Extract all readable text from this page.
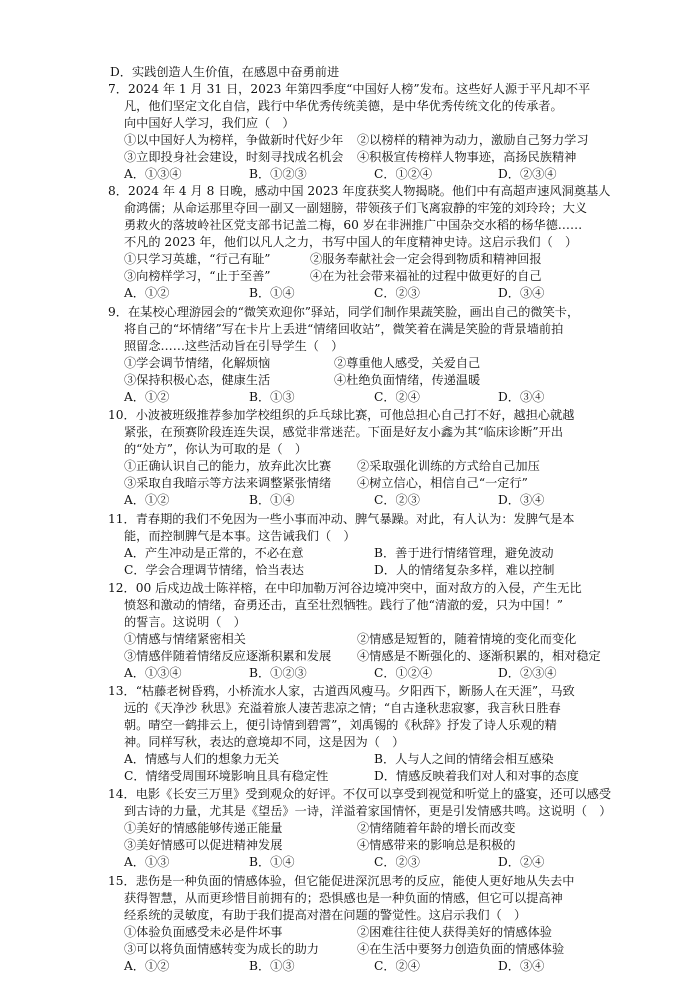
D．实践创造人生价值，在感恩中奋勇前进
7．2024 年 1 月 31 日，2023 年第四季度“中国好人榜”发布。这些好人源于平凡却不平
凡，他们坚定文化自信，践行中华优秀传统美德，是中华优秀传统文化的传承者。
向中国好人学习，我们应（　）
①以中国好人为榜样，争做新时代好少年 ②以榜样的精神为动力，激励自己努力学习
③立即投身社会建设，时刻寻找成名机会 ④积极宣传榜样人物事迹，高扬民族精神
A．①③④	B．①②③	C．①②④	D．②③④
8．2024 年 4 月 8 日晚，感动中国 2023 年度获奖人物揭晓。他们中有高超声速风洞奠基人
俞鸿儒；从命运那里夺回一副又一副翅膀，带领孩子们飞离寂静的牢笼的刘玲玲；大义
勇救火的落坡岭社区党支部书记盖二梅，60 岁在非洲推广中国杂交水稻的杨华德……
不凡的 2023 年，他们以凡人之力，书写中国人的年度精神史诗。这启示我们（　）
①只学习英雄，“行己有耻”	②服务奉献社会一定会得到物质和精神回报
③向榜样学习，“止于至善”	④在为社会带来福祉的过程中做更好的自己
A．①②	B．①④	C．②③	D．③④
9．在某校心理游园会的“微笑欢迎你”驿站，同学们制作果蔬笑脸，画出自己的微笑卡，
将自己的“坏情绪”写在卡片上丢进“情绪回收站”，微笑着在满是笑脸的背景墙前拍
照留念……这些活动旨在引导学生（　）
①学会调节情绪，化解烦恼	②尊重他人感受，关爱自己
③保持积极心态，健康生活	④杜绝负面情绪，传递温暖
A．①②	B．①③	C．②④	D．③④
10．小波被班级推荐参加学校组织的乒乓球比赛，可他总担心自己打不好，越担心就越
紧张，在预赛阶段连连失误，感觉非常迷茫。下面是好友小鑫为其“临床诊断”开出
的“处方”，你认为可取的是（　）
①正确认识自己的能力，放弃此次比赛 ②采取强化训练的方式给自己加压
③采取自我暗示等方法来调整紧张情绪 ④树立信心，相信自己“一定行”
A．①②	B．①④	C．②③	D．③④
11．青春期的我们不免因为一些小事而冲动、脾气暴躁。对此，有人认为：发脾气是本
能，而控制脾气是本事。这告诫我们（　）
A．产生冲动是正常的，不必在意	B．善于进行情绪管理，避免波动
C．学会合理调节情绪，恰当表达	D．人的情绪复杂多样，难以控制
12．00 后戍边战士陈祥榕，在中印加勒万河谷边境冲突中，面对敌方的入侵，产生无比
愤怒和激动的情绪，奋勇还击，直至壮烈牺牲。践行了他“清澈的爱，只为中国！”
的誓言。这说明（　）
①情感与情绪紧密相关	②情感是短暂的，随着情境的变化而变化
③情感伴随着情绪反应逐渐积累和发展 ④情感是不断强化的、逐渐积累的，相对稳定
A．①③④	B．①②③	C．①②④	D．②③④
13．“枯藤老树昏鸦，小桥流水人家，古道西风瘦马。夕阳西下，断肠人在天涯”，马致
远的《天净沙 秋思》充溢着旅人凄苦悲凉之情；“自古逢秋悲寂寥，我言秋日胜春
朝。晴空一鹤排云上，便引诗情到碧霄”，刘禹锡的《秋辞》抒发了诗人乐观的精
神。同样写秋，表达的意境却不同，这是因为（　）
A．情感与人们的想象力无关	B．人与人之间的情绪会相互感染
C．情绪受周围环境影响且具有稳定性	D．情感反映着我们对人和对事的态度
14．电影《长安三万里》受到观众的好评。不仅可以享受到视觉和听觉上的盛宴，还可以感受
到古诗的力量，尤其是《望岳》一诗，洋溢着家国情怀，更是引发情感共鸣。这说明（　）
①美好的情感能够传递正能量	②情绪随着年龄的增长而改变
③美好情感可以促进精神发展	④情感带来的影响总是积极的
A．①③	B．①④	C．②③	D．②④
15．悲伤是一种负面的情感体验，但它能促进深沉思考的反应，能使人更好地从失去中
获得智慧，从而更珍惜目前拥有的；恐惧感也是一种负面的情感，但它可以提高神
经系统的灵敏度，有助于我们提高对潜在问题的警觉性。这启示我们（　）
①体验负面感受未必是件坏事	②困难往往使人获得美好的情感体验
③可以将负面情感转变为成长的助力	④在生活中要努力创造负面的情感体验
A．①②	B．①③	C．②④	D．③④
